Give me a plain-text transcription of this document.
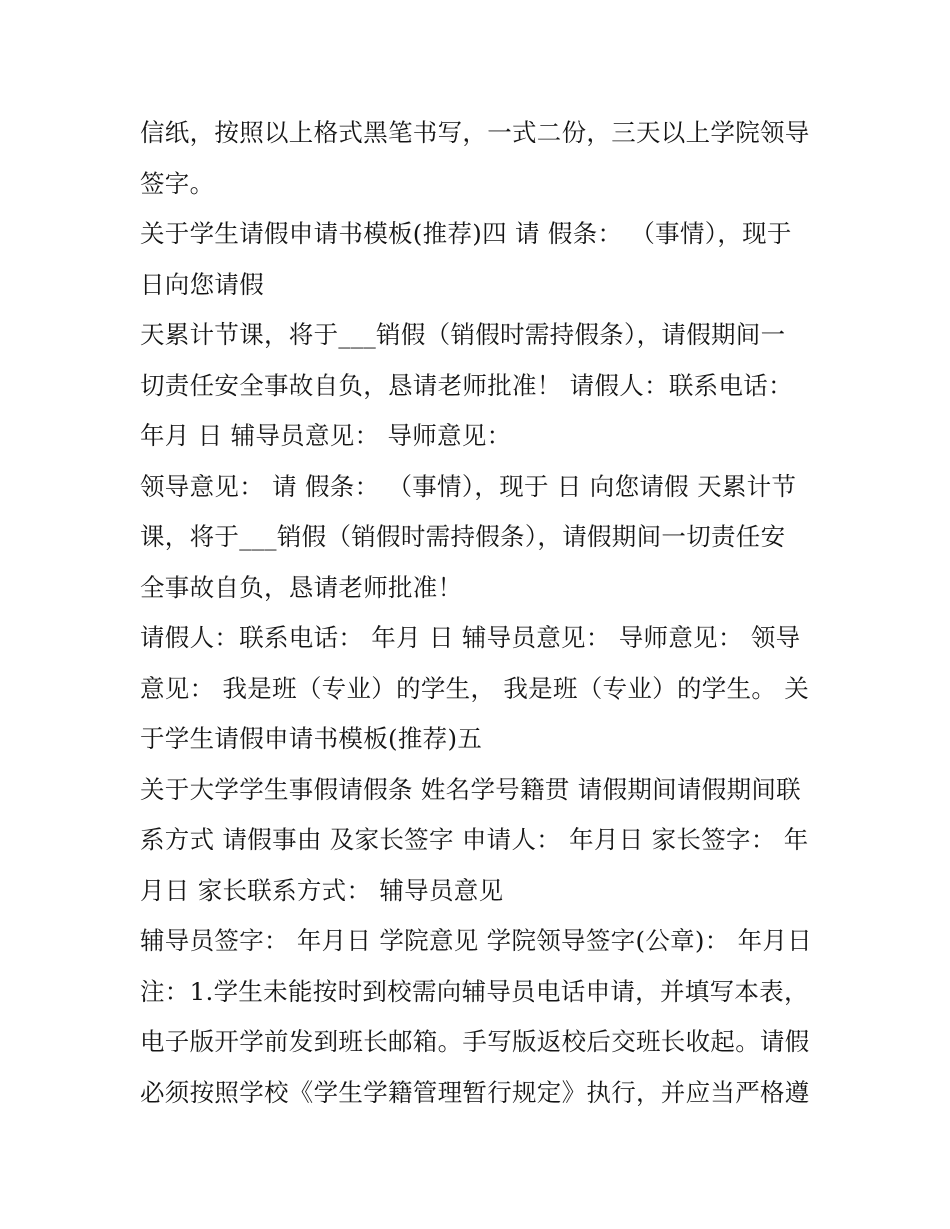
信纸，按照以上格式黑笔书写，一式二份，三天以上学院领导
签字。
关于学生请假申请书模板(推荐)四 请 假条： （事情），现于
日向您请假
天累计节课，将于___销假（销假时需持假条），请假期间一
切责任安全事故自负，恳请老师批准！ 请假人：联系电话：
年月 日 辅导员意见： 导师意见：
领导意见： 请 假条： （事情），现于 日 向您请假 天累计节
课，将于___销假（销假时需持假条），请假期间一切责任安
全事故自负，恳请老师批准！
请假人：联系电话： 年月 日 辅导员意见： 导师意见： 领导
意见： 我是班（专业）的学生， 我是班（专业）的学生。 关
于学生请假申请书模板(推荐)五
关于大学学生事假请假条 姓名学号籍贯 请假期间请假期间联
系方式 请假事由 及家长签字 申请人： 年月日 家长签字： 年
月日 家长联系方式： 辅导员意见
辅导员签字： 年月日 学院意见 学院领导签字(公章)： 年月日
注：1.学生未能按时到校需向辅导员电话申请，并填写本表，
电子版开学前发到班长邮箱。手写版返校后交班长收起。请假
必须按照学校《学生学籍管理暂行规定》执行，并应当严格遵
